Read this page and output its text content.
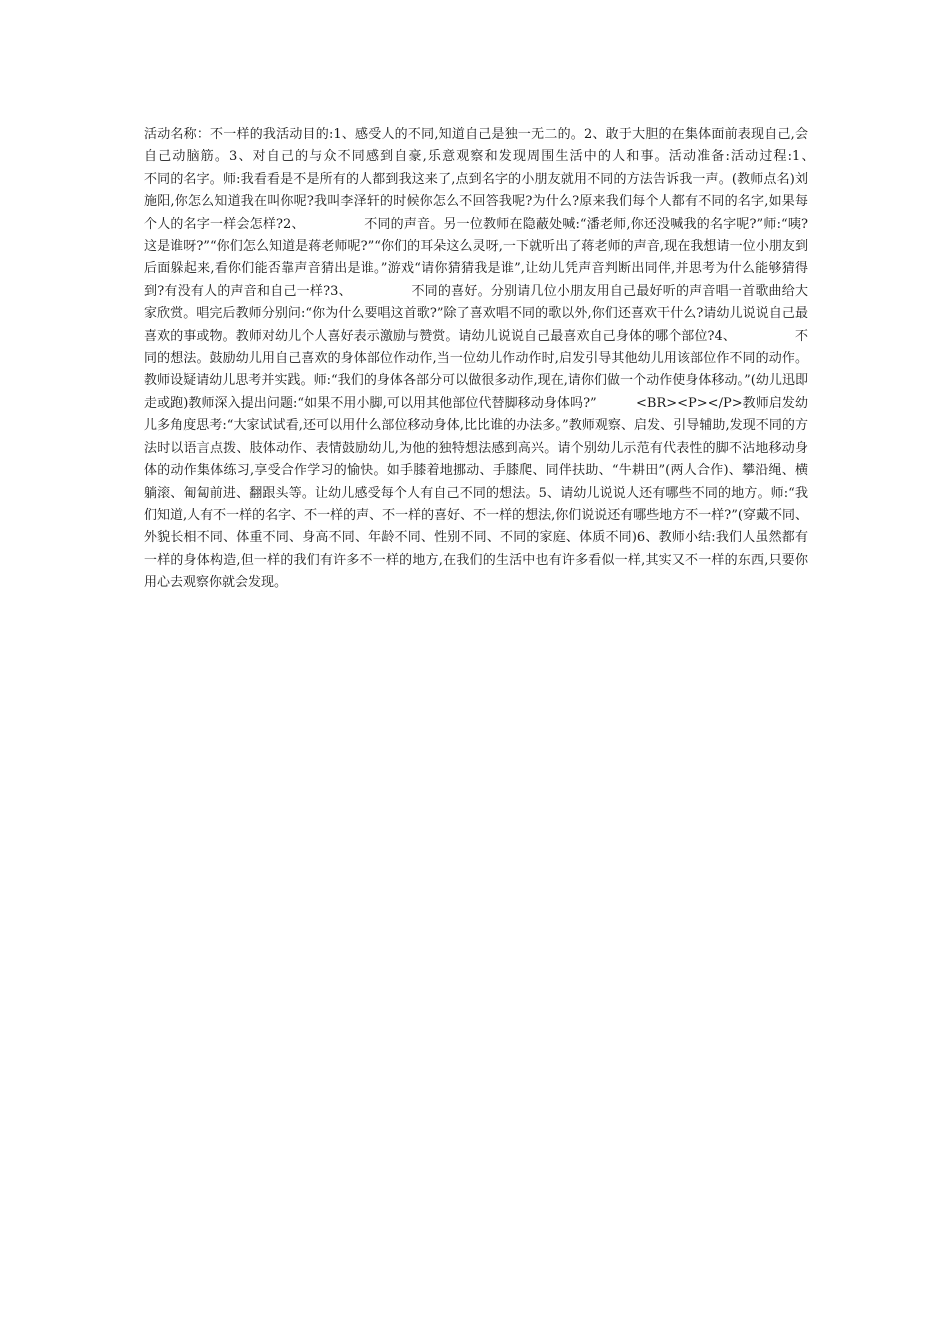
活动名称：不一样的我活动目的:1、感受人的不同,知道自己是独一无二的。2、敢于大胆的在集体面前表现自己,会自己动脑筋。3、对自己的与众不同感到自豪,乐意观察和发现周围生活中的人和事。活动准备:活动过程:1、　　　　　不同的名字。师:我看看是不是所有的人都到我这来了,点到名字的小朋友就用不同的方法告诉我一声。(教师点名)刘施阳,你怎么知道我在叫你呢?我叫李泽轩的时候你怎么不回答我呢?为什么?原来我们每个人都有不同的名字,如果每个人的名字一样会怎样?2、　　　　　不同的声音。另一位教师在隐蔽处喊:“潘老师,你还没喊我的名字呢?”师:“咦?这是谁呀?”“你们怎么知道是蒋老师呢?”“你们的耳朵这么灵呀,一下就听出了蒋老师的声音,现在我想请一位小朋友到后面躲起来,看你们能否靠声音猜出是谁。”游戏“请你猜猜我是谁”,让幼儿凭声音判断出同伴,并思考为什么能够猜得到?有没有人的声音和自己一样?3、　　　　　不同的喜好。分别请几位小朋友用自己最好听的声音唱一首歌曲给大家欣赏。唱完后教师分别问:“你为什么要唱这首歌?”除了喜欢唱不同的歌以外,你们还喜欢干什么?请幼儿说说自己最喜欢的事或物。教师对幼儿个人喜好表示激励与赞赏。请幼儿说说自己最喜欢自己身体的哪个部位?4、　　　　　不同的想法。鼓励幼儿用自己喜欢的身体部位作动作,当一位幼儿作动作时,启发引导其他幼儿用该部位作不同的动作。教师设疑请幼儿思考并实践。师:“我们的身体各部分可以做很多动作,现在,请你们做一个动作使身体移动。”(幼儿迅即走或跑)教师深入提出问题:“如果不用小脚,可以用其他部位代替脚移动身体吗?”　　　<BR><P></P>教师启发幼儿多角度思考:“大家试试看,还可以用什么部位移动身体,比比谁的办法多。”教师观察、启发、引导辅助,发现不同的方法时以语言点拨、肢体动作、表情鼓励幼儿,为他的独特想法感到高兴。请个别幼儿示范有代表性的脚不沾地移动身体的动作集体练习,享受合作学习的愉快。如手膝着地挪动、手膝爬、同伴扶助、“牛耕田”(两人合作)、攀沿绳、横躺滚、匍匐前进、翻跟头等。让幼儿感受每个人有自己不同的想法。5、请幼儿说说人还有哪些不同的地方。师:“我们知道,人有不一样的名字、不一样的声、不一样的喜好、不一样的想法,你们说说还有哪些地方不一样?”(穿戴不同、外貌长相不同、体重不同、身高不同、年龄不同、性别不同、不同的家庭、体质不同)6、教师小结:我们人虽然都有一样的身体构造,但一样的我们有许多不一样的地方,在我们的生活中也有许多看似一样,其实又不一样的东西,只要你用心去观察你就会发现。
